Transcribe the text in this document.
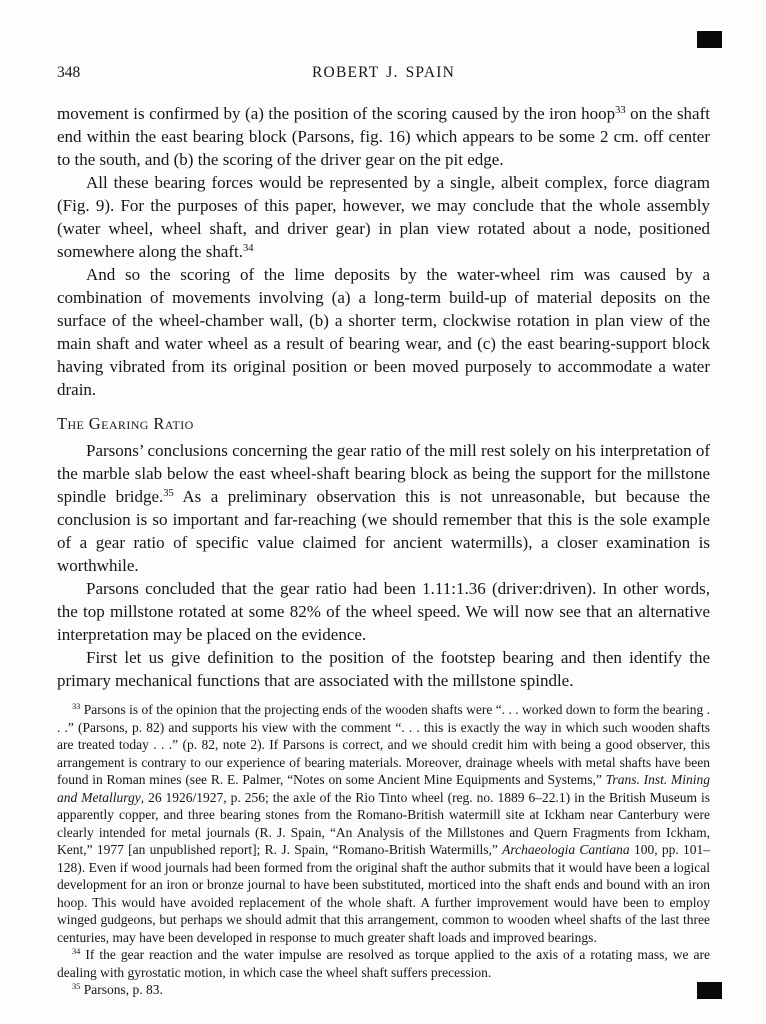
348	ROBERT J. SPAIN

movement is confirmed by (a) the position of the scoring caused by the iron hoop$^{33}$ on the shaft end within the east bearing block (Parsons, fig. 16) which appears to be some 2 cm. off center to the south, and (b) the scoring of the driver gear on the pit edge.

All these bearing forces would be represented by a single, albeit complex, force diagram (Fig. 9). For the purposes of this paper, however, we may conclude that the whole assembly (water wheel, wheel shaft, and driver gear) in plan view rotated about a node, positioned somewhere along the shaft.$^{34}$

And so the scoring of the lime deposits by the water-wheel rim was caused by a combination of movements involving (a) a long-term build-up of material deposits on the surface of the wheel-chamber wall, (b) a shorter term, clockwise rotation in plan view of the main shaft and water wheel as a result of bearing wear, and (c) the east bearing-support block having vibrated from its original position or been moved purposely to accommodate a water drain.

The Gearing Ratio

Parsons’ conclusions concerning the gear ratio of the mill rest solely on his interpretation of the marble slab below the east wheel-shaft bearing block as being the support for the millstone spindle bridge.$^{35}$ As a preliminary observation this is not unreasonable, but because the conclusion is so important and far-reaching (we should remember that this is the sole example of a gear ratio of specific value claimed for ancient watermills), a closer examination is worthwhile.

Parsons concluded that the gear ratio had been 1.11:1.36 (driver:driven). In other words, the top millstone rotated at some 82% of the wheel speed. We will now see that an alternative interpretation may be placed on the evidence.

First let us give definition to the position of the footstep bearing and then identify the primary mechanical functions that are associated with the millstone spindle.

$^{33}$ Parsons is of the opinion that the projecting ends of the wooden shafts were “. . . worked down to form the bearing . . .” (Parsons, p. 82) and supports his view with the comment “. . . this is exactly the way in which such wooden shafts are treated today . . .” (p. 82, note 2). If Parsons is correct, and we should credit him with being a good observer, this arrangement is contrary to our experience of bearing materials. Moreover, drainage wheels with metal shafts have been found in Roman mines (see R. E. Palmer, “Notes on some Ancient Mine Equipments and Systems,” Trans. Inst. Mining and Metallurgy, 26 1926/1927, p. 256; the axle of the Rio Tinto wheel (reg. no. 1889 6–22.1) in the British Museum is apparently copper, and three bearing stones from the Romano-British watermill site at Ickham near Canterbury were clearly intended for metal journals (R. J. Spain, “An Analysis of the Millstones and Quern Fragments from Ickham, Kent,” 1977 [an unpublished report]; R. J. Spain, “Romano-British Watermills,” Archaeologia Cantiana 100, pp. 101–128). Even if wood journals had been formed from the original shaft the author submits that it would have been a logical development for an iron or bronze journal to have been substituted, morticed into the shaft ends and bound with an iron hoop. This would have avoided replacement of the whole shaft. A further improvement would have been to employ winged gudgeons, but perhaps we should admit that this arrangement, common to wooden wheel shafts of the last three centuries, may have been developed in response to much greater shaft loads and improved bearings.

$^{34}$ If the gear reaction and the water impulse are resolved as torque applied to the axis of a rotating mass, we are dealing with gyrostatic motion, in which case the wheel shaft suffers precession.

$^{35}$ Parsons, p. 83.
